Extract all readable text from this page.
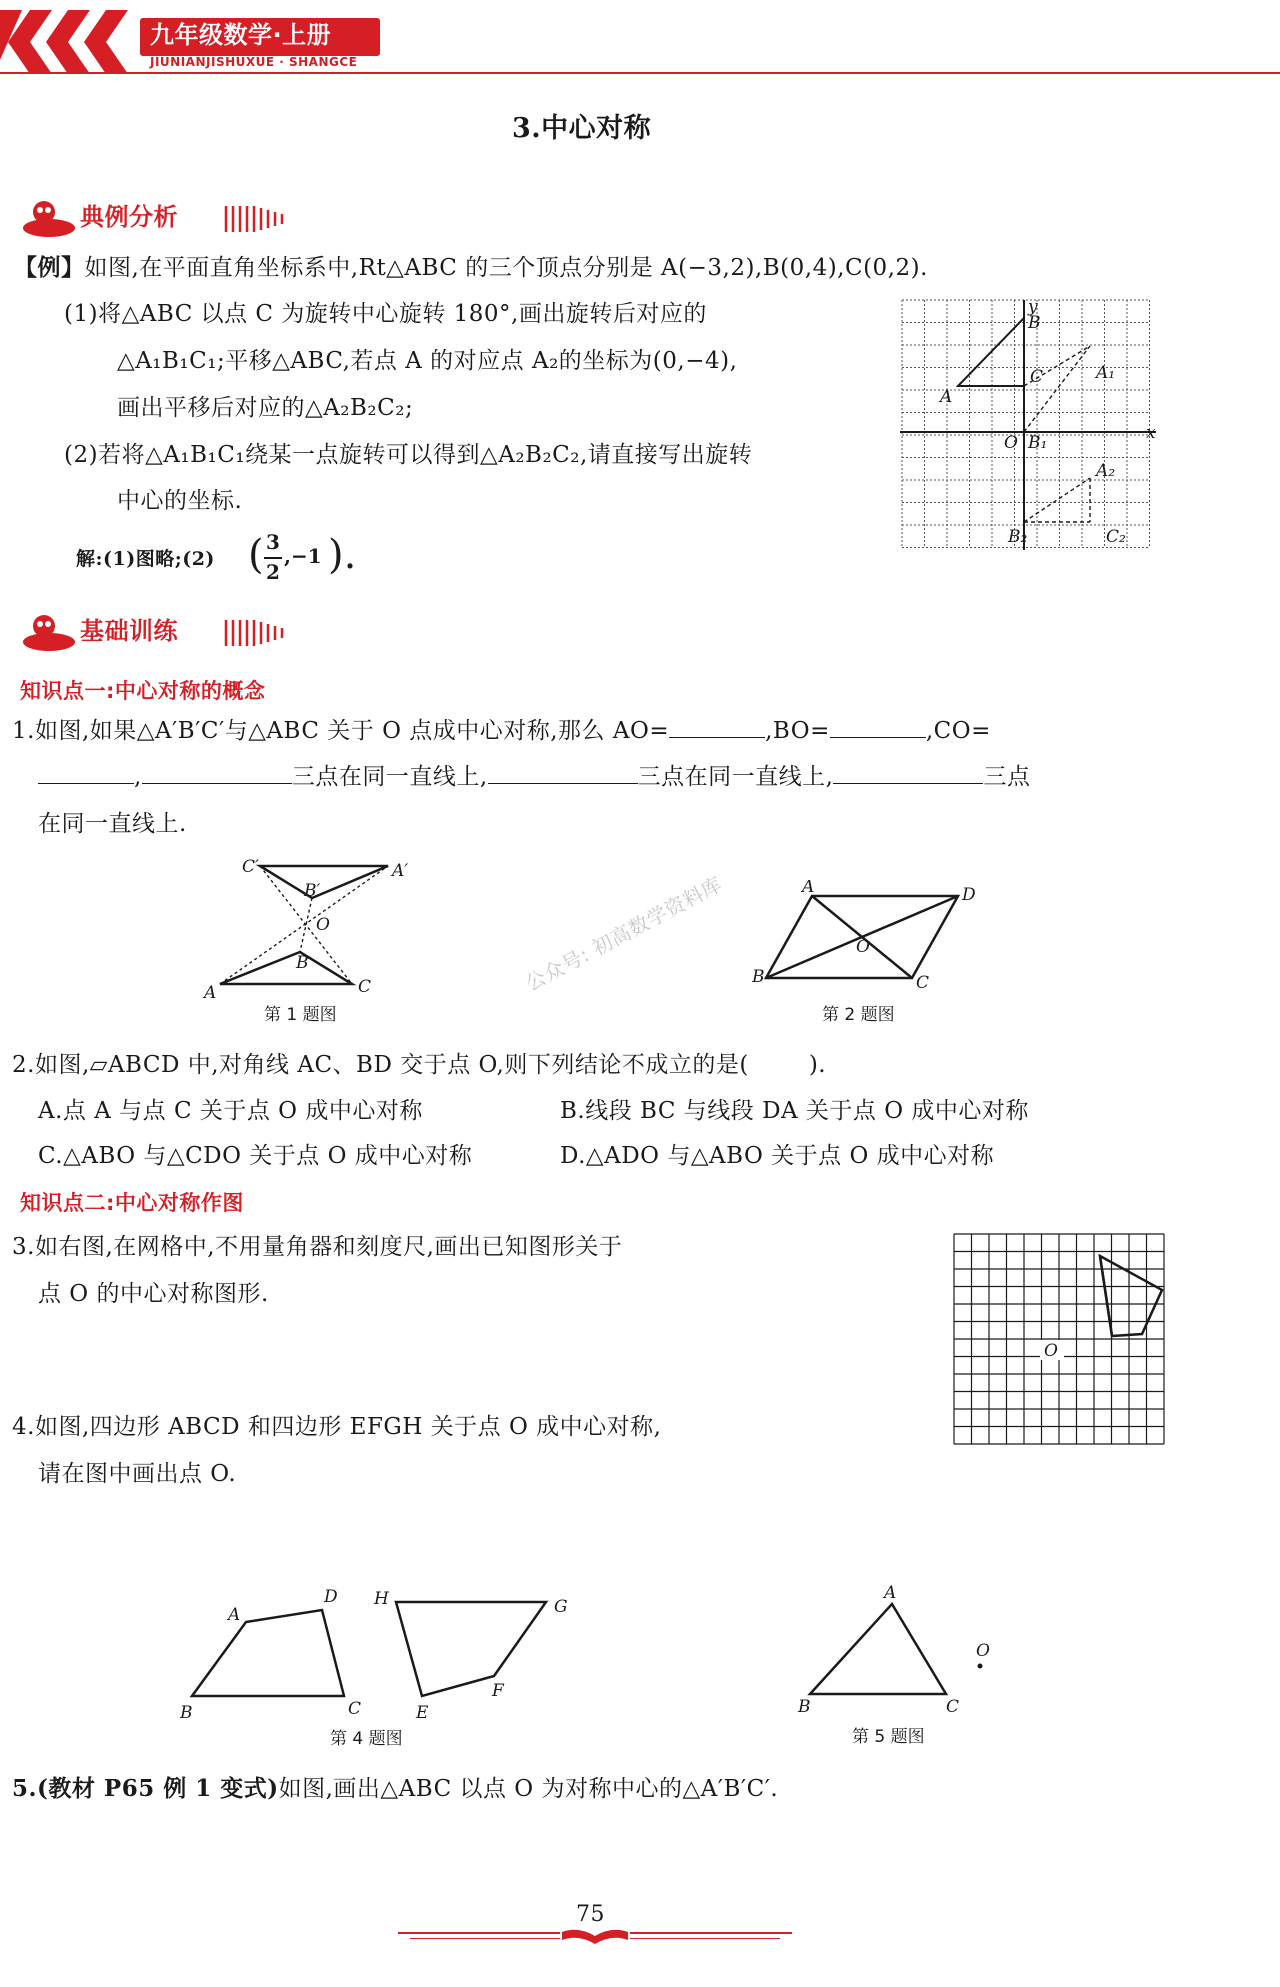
九年级数学·上册
JIUNIANJISHUXUE · SHANGCE
3.中心对称
典例分析
【例】如图,在平面直角坐标系中,Rt△ABC 的三个顶点分别是 A(−3,2),B(0,4),C(0,2).
(1)将△ABC 以点 C 为旋转中心旋转 180°,画出旋转后对应的
△A₁B₁C₁;平移△ABC,若点 A 的对应点 A₂的坐标为(0,−4),
画出平移后对应的△A₂B₂C₂;
(2)若将△A₁B₁C₁绕某一点旋转可以得到△A₂B₂C₂,请直接写出旋转
中心的坐标.
解:(1)图略;(2) ( 3
2
,−1 ).
y
x
B
C	A₁
A
O B₁
A₂
B₂	C₂
基础训练
知识点一:中心对称的概念
1.如图,如果△A′B′C′与△ABC 关于 O 点成中心对称,那么 AO=	,BO=	,CO=
,	三点在同一直线上,	三点在同一直线上,	三点
在同一直线上.
C′	A′
B′
O
B
A	C
第 1 题图
A	D
O
B	C
第 2 题图
公众号: 初高数学资料库
2.如图,▱ABCD 中,对角线 AC、BD 交于点 O,则下列结论不成立的是(	).
A.点 A 与点 C 关于点 O 成中心对称	B.线段 BC 与线段 DA 关于点 O 成中心对称
C.△ABO 与△CDO 关于点 O 成中心对称	D.△ADO 与△ABO 关于点 O 成中心对称
知识点二:中心对称作图
3.如右图,在网格中,不用量角器和刻度尺,画出已知图形关于
点 O 的中心对称图形.
O
4.如图,四边形 ABCD 和四边形 EFGH 关于点 O 成中心对称,
请在图中画出点 O.
A
D
B	C
H	G
E
F
第 4 题图
A
B	C
O
第 5 题图
5.(教材 P65 例 1 变式)如图,画出△ABC 以点 O 为对称中心的△A′B′C′.
75
